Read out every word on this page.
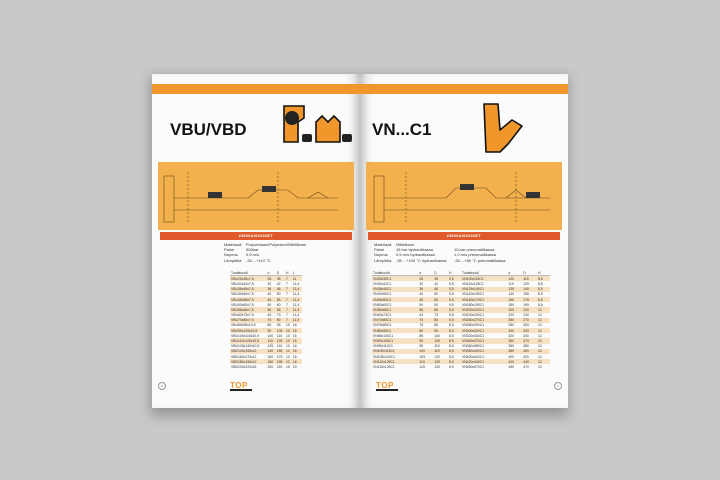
VBU/VBD
OMINAISUUDET
Materiaali	Polyuretaani/Polyesteri/Nitriilikumi
Paine	500bar
Nopeus	0,5 m/s
Lämpötila	-35 ...+110 °C
Tuotekoodi	d	D	H	L
VBU25x35x7,5	25	35	7	11
VBU32x42x7,5	32	42	7	11,4
VBU36x46x7,5	36	46	7	11,4
VBU40x50x7,5	40	50	7	11,4
VBU45x55x7,5	45	55	7	11,4
VBU50x60x7,5	50	60	7	11,4
VBU56x66x7,5	56	66	7	11,4
VBU63x73x7,5	63	73	7	11,4
VBU70x80x7,5	70	80	7	11,4
VBU80x95x10,5	80	95	10	16
VBU90x105x10,5	90	105	10	16
VBU100x115x10,5	100	115	10	16
VBU110x125x10,5	110	125	10	16
VBU125x140x10,5	125	140	10	16
VBD140x155x12	140	155	12	16
VBD160x175x12	160	175	12	16
VBD180x195x12	180	195	12	16
VBD200x220x15	200	220	15	20
6	TOP
VN...C1
OMINAISUUDET
Materiaali	Nitriilikumi
Paine	16 bar hydraulikassa	10 bar pneumatiikassa
Nopeus	0,5 m/s hydraulikassa	1,0 m/s pneumatiikassa
Lämpötila	-35 ...+100 °C hydraulikassa	-35 ...+80 °C pneumatiikassa
Tuotekoodi	d	D	H	Tuotekoodi	d	D	H
VN25x35C1	25	35	5,5	VN100x115C1	100	115	8,5
VN32x42C1	32	42	5,5	VN110x125C1	110	125	8,5
VN36x46C1	36	46	5,5	VN125x140C1	125	140	8,5
VN40x50C1	40	50	5,5	VN140x155C1	140	155	8,5
VN45x55C1	45	55	5,5	VN160x175C1	160	175	8,5
VN50x60C1	50	60	5,5	VN180x195C1	180	195	8,5
VN56x66C1	56	66	5,5	VN200x220C1	200	220	12
VN63x73C1	63	73	5,5	VN220x240C1	220	240	12
VN70x80C1	70	80	5,5	VN250x270C1	250	270	12
VN75x85C1	75	85	5,5	VN280x300C1	280	300	12
VN80x95C1	80	95	8,5	VN300x320C1	300	320	12
VN85x100C1	85	100	8,5	VN320x340C1	320	340	12
VN90x105C1	90	105	8,5	VN350x370C1	350	370	12
VN95x110C1	95	110	8,5	VN360x380C1	360	380	12
VN100x115C1	100	115	8,5	VN380x400C1	380	400	12
VN105x120C1	105	120	8,5	VN400x420C1	400	420	12
VN110x125C1	110	125	8,5	VN420x440C1	420	440	12
VN115x130C1	115	130	8,5	VN450x470C1	450	470	12
7
TOP
